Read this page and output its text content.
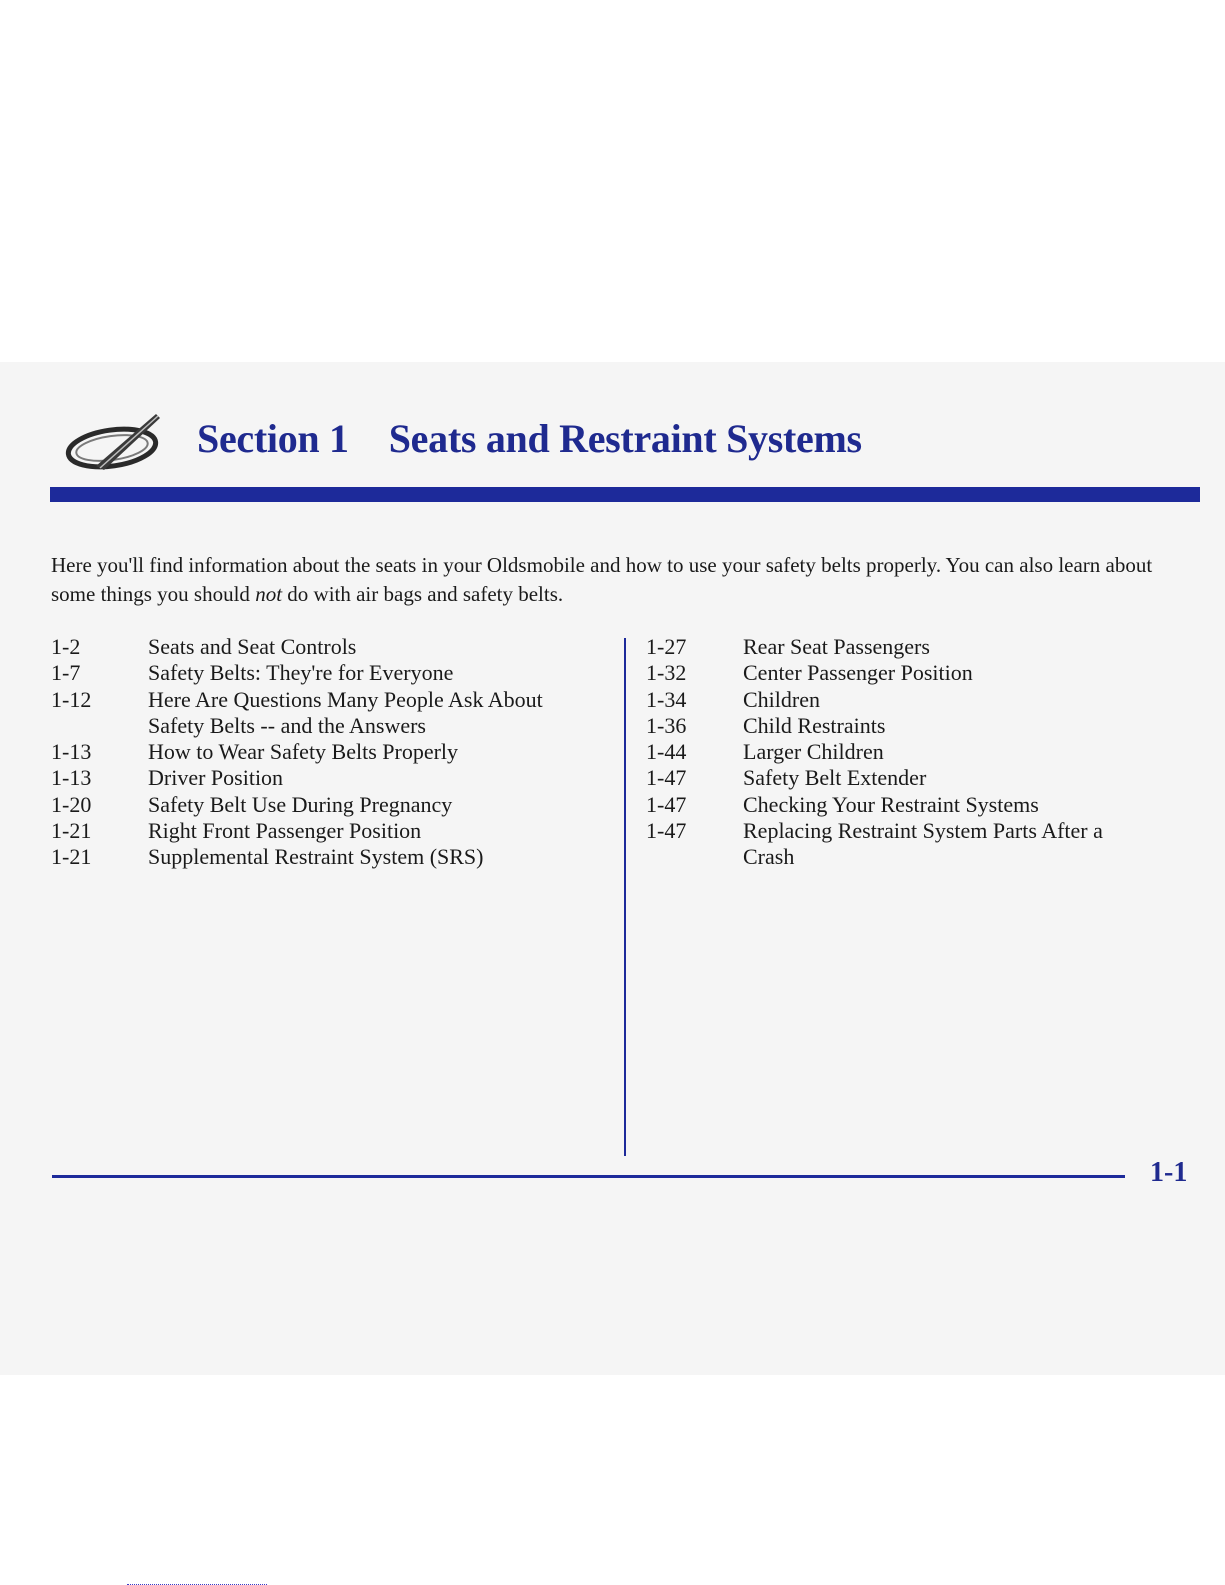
Section 1 Seats and Restraint Systems

Here you'll find information about the seats in your Oldsmobile and how to use your safety belts properly. You can also learn about some things you should not do with air bags and safety belts.

1-2	Seats and Seat Controls
1-7	Safety Belts: They're for Everyone
1-12	Here Are Questions Many People Ask About Safety Belts -- and the Answers
1-13	How to Wear Safety Belts Properly
1-13	Driver Position
1-20	Safety Belt Use During Pregnancy
1-21	Right Front Passenger Position
1-21	Supplemental Restraint System (SRS)
1-27	Rear Seat Passengers
1-32	Center Passenger Position
1-34	Children
1-36	Child Restraints
1-44	Larger Children
1-47	Safety Belt Extender
1-47	Checking Your Restraint Systems
1-47	Replacing Restraint System Parts After a Crash
1-1
